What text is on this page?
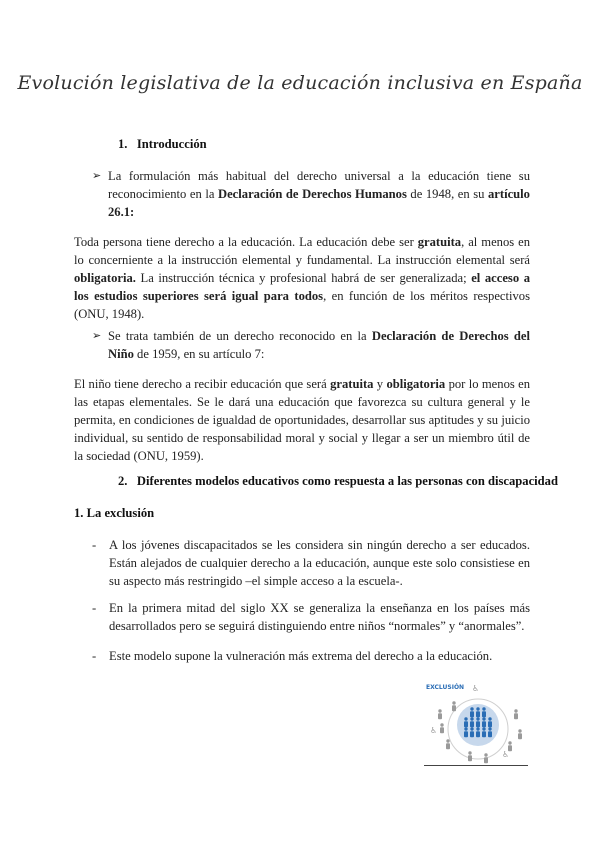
Evolución legislativa de la educación inclusiva en España
1. Introducción
➢ La formulación más habitual del derecho universal a la educación tiene su reconocimiento en la Declaración de Derechos Humanos de 1948, en su artículo 26.1:
Toda persona tiene derecho a la educación. La educación debe ser gratuita, al menos en lo concerniente a la instrucción elemental y fundamental. La instrucción elemental será obligatoria. La instrucción técnica y profesional habrá de ser generalizada; el acceso a los estudios superiores será igual para todos, en función de los méritos respectivos (ONU, 1948).
➢ Se trata también de un derecho reconocido en la Declaración de Derechos del Niño de 1959, en su artículo 7:
El niño tiene derecho a recibir educación que será gratuita y obligatoria por lo menos en las etapas elementales. Se le dará una educación que favorezca su cultura general y le permita, en condiciones de igualdad de oportunidades, desarrollar sus aptitudes y su juicio individual, su sentido de responsabilidad moral y social y llegar a ser un miembro útil de la sociedad (ONU, 1959).
2. Diferentes modelos educativos como respuesta a las personas con discapacidad
1. La exclusión
- A los jóvenes discapacitados se les considera sin ningún derecho a ser educados. Están alejados de cualquier derecho a la educación, aunque este solo consistiese en su aspecto más restringido –el simple acceso a la escuela-.
- En la primera mitad del siglo XX se generaliza la enseñanza en los países más desarrollados pero se seguirá distinguiendo entre niños “normales” y “anormales”.
- Este modelo supone la vulneración más extrema del derecho a la educación.
EXCLUSIÓN ♿
♿
♿
